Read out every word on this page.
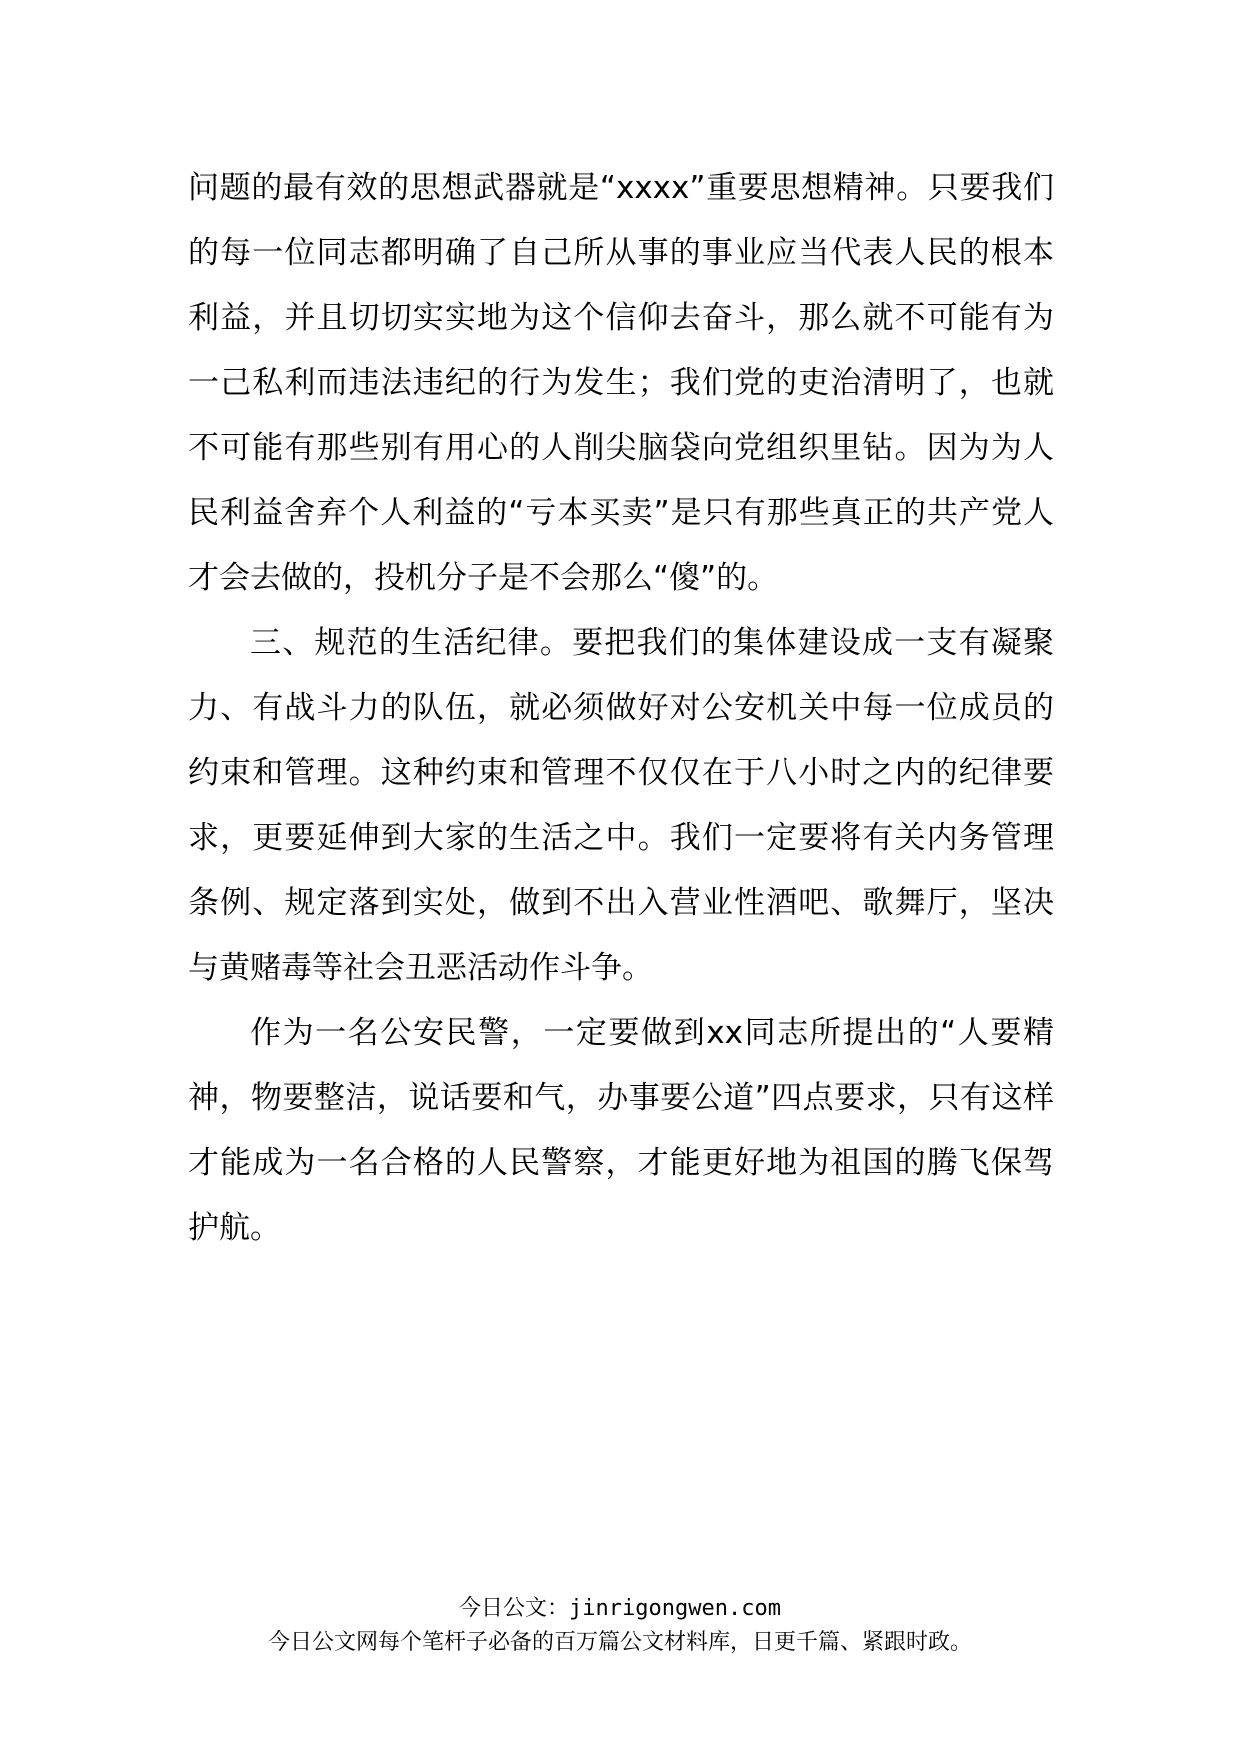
问题的最有效的思想武器就是“xxxx”重要思想精神。只要我们的每一位同志都明确了自己所从事的事业应当代表人民的根本利益，并且切切实实地为这个信仰去奋斗，那么就不可能有为一己私利而违法违纪的行为发生；我们党的吏治清明了，也就不可能有那些别有用心的人削尖脑袋向党组织里钻。因为为人民利益舍弃个人利益的“亏本买卖”是只有那些真正的共产党人才会去做的，投机分子是不会那么“傻”的。

三、规范的生活纪律。要把我们的集体建设成一支有凝聚力、有战斗力的队伍，就必须做好对公安机关中每一位成员的约束和管理。这种约束和管理不仅仅在于八小时之内的纪律要求，更要延伸到大家的生活之中。我们一定要将有关内务管理条例、规定落到实处，做到不出入营业性酒吧、歌舞厅，坚决与黄赌毒等社会丑恶活动作斗争。

作为一名公安民警，一定要做到xx同志所提出的“人要精神，物要整洁，说话要和气，办事要公道”四点要求，只有这样才能成为一名合格的人民警察，才能更好地为祖国的腾飞保驾护航。

今日公文：jinrigongwen.com
今日公文网每个笔杆子必备的百万篇公文材料库，日更千篇、紧跟时政。
